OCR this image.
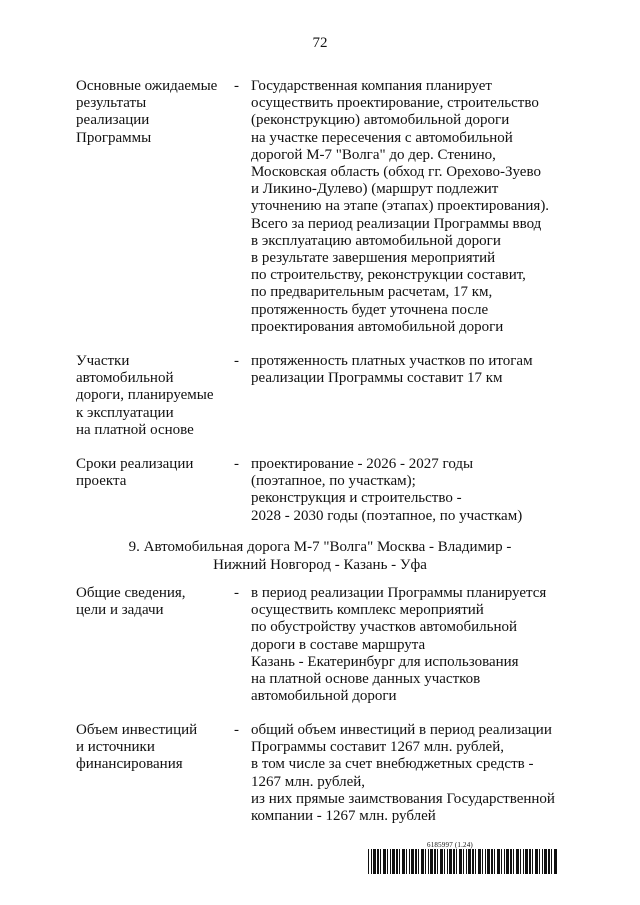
72
Основные ожидаемые
результаты
реализации
Программы
- Государственная компания планирует
осуществить проектирование, строительство
(реконструкцию) автомобильной дороги
на участке пересечения с автомобильной
дорогой М-7 "Волга" до дер. Стенино,
Московская область (обход гг. Орехово-Зуево
и Ликино-Дулево) (маршрут подлежит
уточнению на этапе (этапах) проектирования).
Всего за период реализации Программы ввод
в эксплуатацию автомобильной дороги
в результате завершения мероприятий
по строительству, реконструкции составит,
по предварительным расчетам, 17 км,
протяженность будет уточнена после
проектирования автомобильной дороги
Участки
автомобильной
дороги, планируемые
к эксплуатации
на платной основе
- протяженность платных участков по итогам
реализации Программы составит 17 км
Сроки реализации
проекта
- проектирование - 2026 - 2027 годы
(поэтапное, по участкам);
реконструкция и строительство -
2028 - 2030 годы (поэтапное, по участкам)
9. Автомобильная дорога М-7 "Волга" Москва - Владимир -
Нижний Новгород - Казань - Уфа
Общие сведения,
цели и задачи
- в период реализации Программы планируется
осуществить комплекс мероприятий
по обустройству участков автомобильной
дороги в составе маршрута
Казань - Екатеринбург для использования
на платной основе данных участков
автомобильной дороги
Объем инвестиций
и источники
финансирования
- общий объем инвестиций в период реализации
Программы составит 1267 млн. рублей,
в том числе за счет внебюджетных средств -
1267 млн. рублей,
из них прямые заимствования Государственной
компании - 1267 млн. рублей
6185997 (1.24)
